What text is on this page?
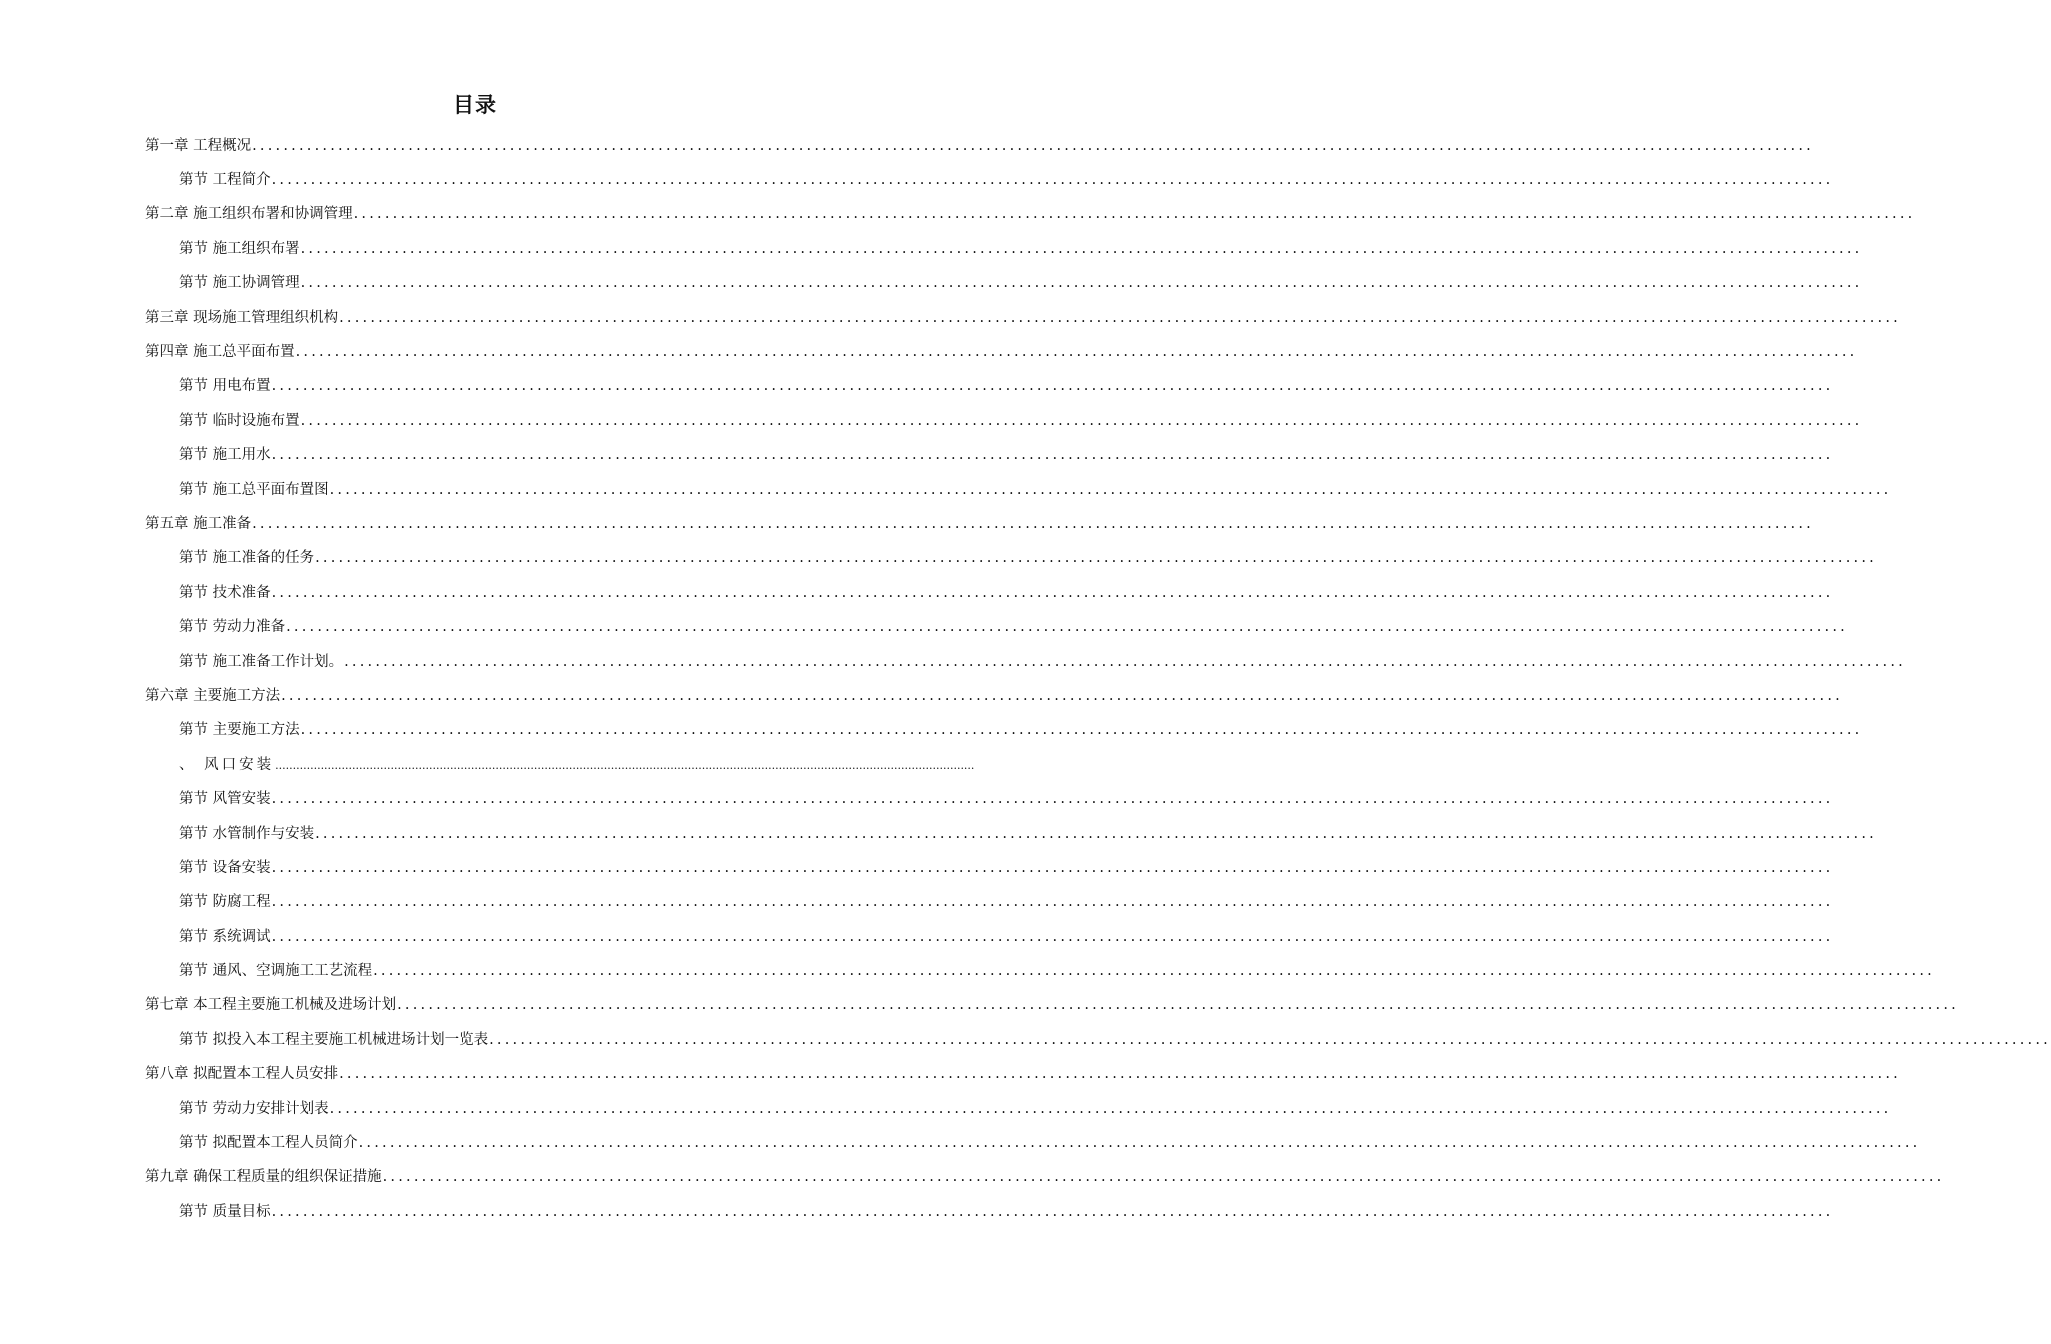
目录
第一章 工程概况 ........................................................................................................................................................................................................
第节 工程简介 ........................................................................................................................................................................................................
第二章 施工组织布署和协调管理 ........................................................................................................................................................................................................
第节 施工组织布署 ........................................................................................................................................................................................................
第节 施工协调管理 ........................................................................................................................................................................................................
第三章 现场施工管理组织机构 ........................................................................................................................................................................................................
第四章 施工总平面布置 ........................................................................................................................................................................................................
第节 用电布置 ........................................................................................................................................................................................................
第节 临时设施布置 ........................................................................................................................................................................................................
第节 施工用水 ........................................................................................................................................................................................................
第节 施工总平面布置图 ........................................................................................................................................................................................................
第五章 施工准备 ........................................................................................................................................................................................................
第节 施工准备的任务 ........................................................................................................................................................................................................
第节 技术准备 ........................................................................................................................................................................................................
第节 劳动力准备 ........................................................................................................................................................................................................
第节 施工准备工作计划。 ........................................................................................................................................................................................................
第六章 主要施工方法 ........................................................................................................................................................................................................
第节 主要施工方法 ........................................................................................................................................................................................................
、 风口安装 ........................................................................................................................................................................................................
第节 风管安装 ........................................................................................................................................................................................................
第节 水管制作与安装 ........................................................................................................................................................................................................
第节 设备安装 ........................................................................................................................................................................................................
第节 防腐工程 ........................................................................................................................................................................................................
第节 系统调试 ........................................................................................................................................................................................................
第节 通风、空调施工工艺流程 ........................................................................................................................................................................................................
第七章 本工程主要施工机械及进场计划 ........................................................................................................................................................................................................
第节 拟投入本工程主要施工机械进场计划一览表 ........................................................................................................................................................................................................
第八章 拟配置本工程人员安排 ........................................................................................................................................................................................................
第节 劳动力安排计划表 ........................................................................................................................................................................................................
第节 拟配置本工程人员简介 ........................................................................................................................................................................................................
第九章 确保工程质量的组织保证措施 ........................................................................................................................................................................................................
第节 质量目标 ........................................................................................................................................................................................................
